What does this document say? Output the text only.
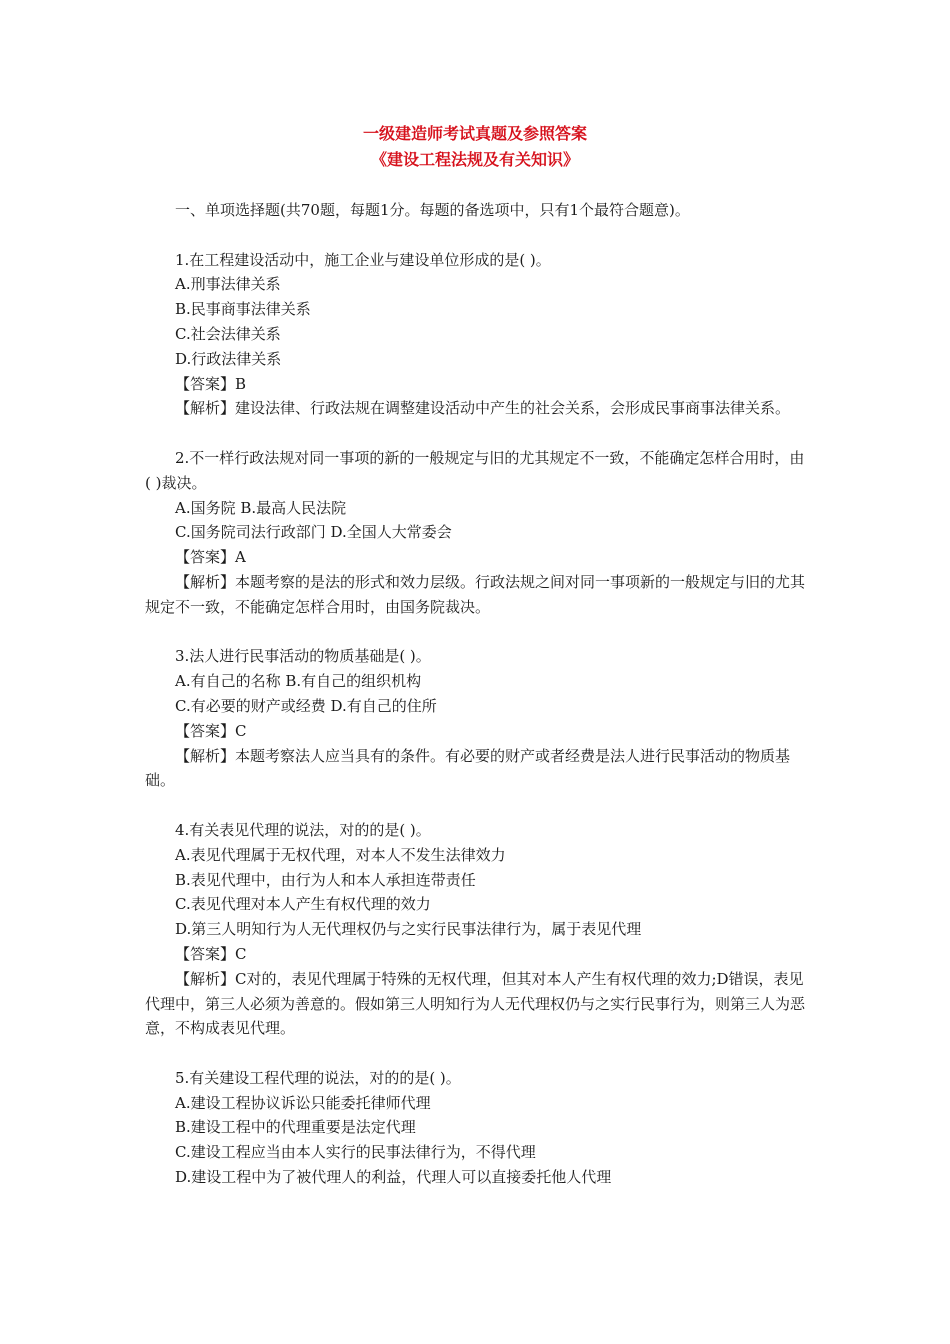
一级建造师考试真题及参照答案
《建设工程法规及有关知识》

一、单项选择题(共70题，每题1分。每题的备选项中，只有1个最符合题意)。

1.在工程建设活动中，施工企业与建设单位形成的是( )。

A.刑事法律关系

B.民事商事法律关系

C.社会法律关系

D.行政法律关系

【答案】B

【解析】建设法律、行政法规在调整建设活动中产生的社会关系，会形成民事商事法律关系。

2.不一样行政法规对同一事项的新的一般规定与旧的尤其规定不一致，不能确定怎样合用时，由( )裁决。

A.国务院 B.最高人民法院

C.国务院司法行政部门 D.全国人大常委会

【答案】A

【解析】本题考察的是法的形式和效力层级。行政法规之间对同一事项新的一般规定与旧的尤其规定不一致，不能确定怎样合用时，由国务院裁决。

3.法人进行民事活动的物质基础是( )。

A.有自己的名称 B.有自己的组织机构

C.有必要的财产或经费 D.有自己的住所

【答案】C

【解析】本题考察法人应当具有的条件。有必要的财产或者经费是法人进行民事活动的物质基础。

4.有关表见代理的说法，对的的是( )。

A.表见代理属于无权代理，对本人不发生法律效力

B.表见代理中，由行为人和本人承担连带责任

C.表见代理对本人产生有权代理的效力

D.第三人明知行为人无代理权仍与之实行民事法律行为，属于表见代理

【答案】C

【解析】C对的，表见代理属于特殊的无权代理，但其对本人产生有权代理的效力;D错误，表见代理中，第三人必须为善意的。假如第三人明知行为人无代理权仍与之实行民事行为，则第三人为恶意，不构成表见代理。

5.有关建设工程代理的说法，对的的是( )。

A.建设工程协议诉讼只能委托律师代理

B.建设工程中的代理重要是法定代理

C.建设工程应当由本人实行的民事法律行为，不得代理

D.建设工程中为了被代理人的利益，代理人可以直接委托他人代理
